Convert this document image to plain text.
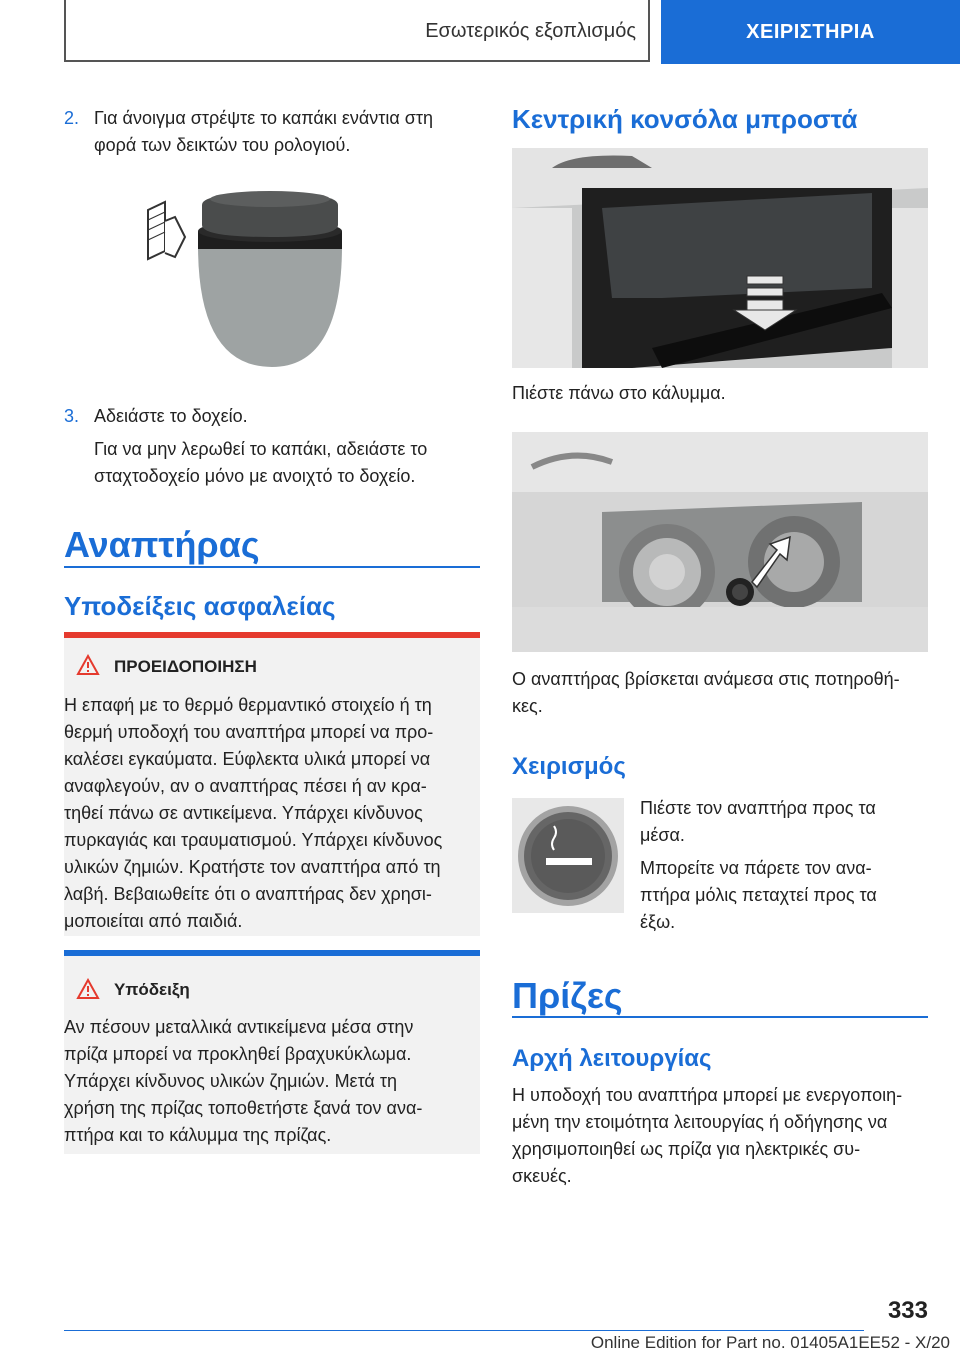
Εσωτερικός εξοπλισμός	ΧΕΙΡΙΣΤΗΡΙΑ
2. Για άνοιγμα στρέψτε το καπάκι ενάντια στη
φορά των δεικτών του ρολογιού.
3. Αδειάστε το δοχείο.
Για να μην λερωθεί το καπάκι, αδειάστε το
σταχτοδοχείο μόνο με ανοιχτό το δοχείο.
Αναπτήρας
Υποδείξεις ασφαλείας
ΠΡΟΕΙΔΟΠΟΙΗΣΗ
Η επαφή με το θερμό θερμαντικό στοιχείο ή τη
θερμή υποδοχή του αναπτήρα μπορεί να προ-
καλέσει εγκαύματα. Εύφλεκτα υλικά μπορεί να
αναφλεγούν, αν ο αναπτήρας πέσει ή αν κρα-
τηθεί πάνω σε αντικείμενα. Υπάρχει κίνδυνος
πυρκαγιάς και τραυματισμού. Υπάρχει κίνδυνος
υλικών ζημιών. Κρατήστε τον αναπτήρα από τη
λαβή. Βεβαιωθείτε ότι ο αναπτήρας δεν χρησι-
μοποιείται από παιδιά.
Υπόδειξη
Αν πέσουν μεταλλικά αντικείμενα μέσα στην
πρίζα μπορεί να προκληθεί βραχυκύκλωμα.
Υπάρχει κίνδυνος υλικών ζημιών. Μετά τη
χρήση της πρίζας τοποθετήστε ξανά τον ανα-
πτήρα και το κάλυμμα της πρίζας.
Κεντρική κονσόλα μπροστά
Πιέστε πάνω στο κάλυμμα.
Ο αναπτήρας βρίσκεται ανάμεσα στις ποτηροθή-
κες.
Χειρισμός
Πιέστε τον αναπτήρα προς τα
μέσα.
Μπορείτε να πάρετε τον ανα-
πτήρα μόλις πεταχτεί προς τα
έξω.
Πρίζες
Αρχή λειτουργίας
Η υποδοχή του αναπτήρα μπορεί με ενεργοποιη-
μένη την ετοιμότητα λειτουργίας ή οδήγησης να
χρησιμοποιηθεί ως πρίζα για ηλεκτρικές συ-
σκευές.
333
Online Edition for Part no. 01405A1EE52 - X/20
